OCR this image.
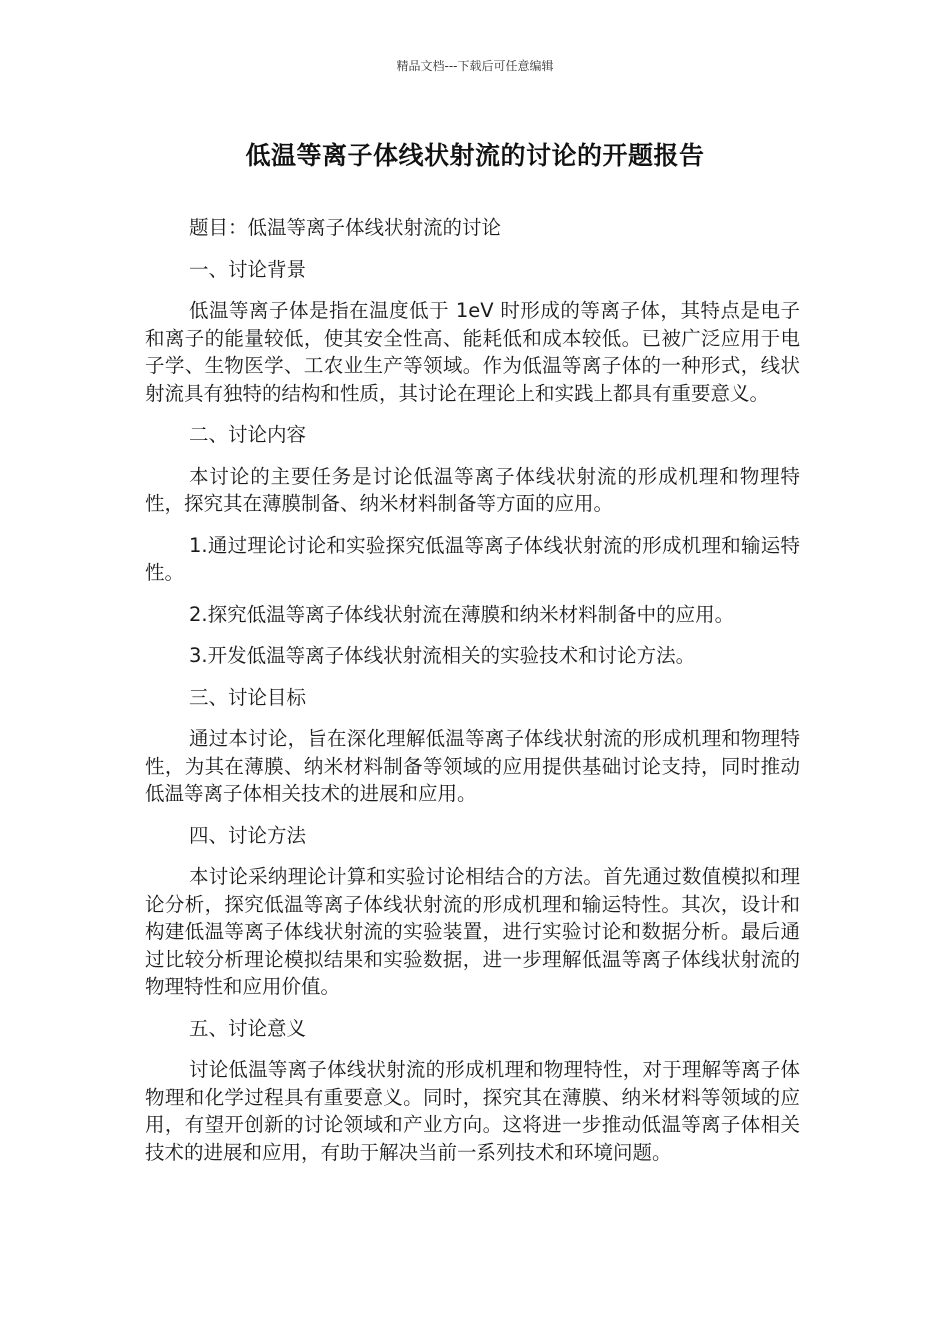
精品文档---下载后可任意编辑
低温等离子体线状射流的讨论的开题报告

题目：低温等离子体线状射流的讨论

一、讨论背景

低温等离子体是指在温度低于 1eV 时形成的等离子体，其特点是电子和离子的能量较低，使其安全性高、能耗低和成本较低。已被广泛应用于电子学、生物医学、工农业生产等领域。作为低温等离子体的一种形式，线状射流具有独特的结构和性质，其讨论在理论上和实践上都具有重要意义。

二、讨论内容

本讨论的主要任务是讨论低温等离子体线状射流的形成机理和物理特性，探究其在薄膜制备、纳米材料制备等方面的应用。

1.通过理论讨论和实验探究低温等离子体线状射流的形成机理和输运特性。

2.探究低温等离子体线状射流在薄膜和纳米材料制备中的应用。

3.开发低温等离子体线状射流相关的实验技术和讨论方法。

三、讨论目标

通过本讨论，旨在深化理解低温等离子体线状射流的形成机理和物理特性，为其在薄膜、纳米材料制备等领域的应用提供基础讨论支持，同时推动低温等离子体相关技术的进展和应用。

四、讨论方法

本讨论采纳理论计算和实验讨论相结合的方法。首先通过数值模拟和理论分析，探究低温等离子体线状射流的形成机理和输运特性。其次，设计和构建低温等离子体线状射流的实验装置，进行实验讨论和数据分析。最后通过比较分析理论模拟结果和实验数据，进一步理解低温等离子体线状射流的物理特性和应用价值。

五、讨论意义

讨论低温等离子体线状射流的形成机理和物理特性，对于理解等离子体物理和化学过程具有重要意义。同时，探究其在薄膜、纳米材料等领域的应用，有望开创新的讨论领域和产业方向。这将进一步推动低温等离子体相关技术的进展和应用，有助于解决当前一系列技术和环境问题。
